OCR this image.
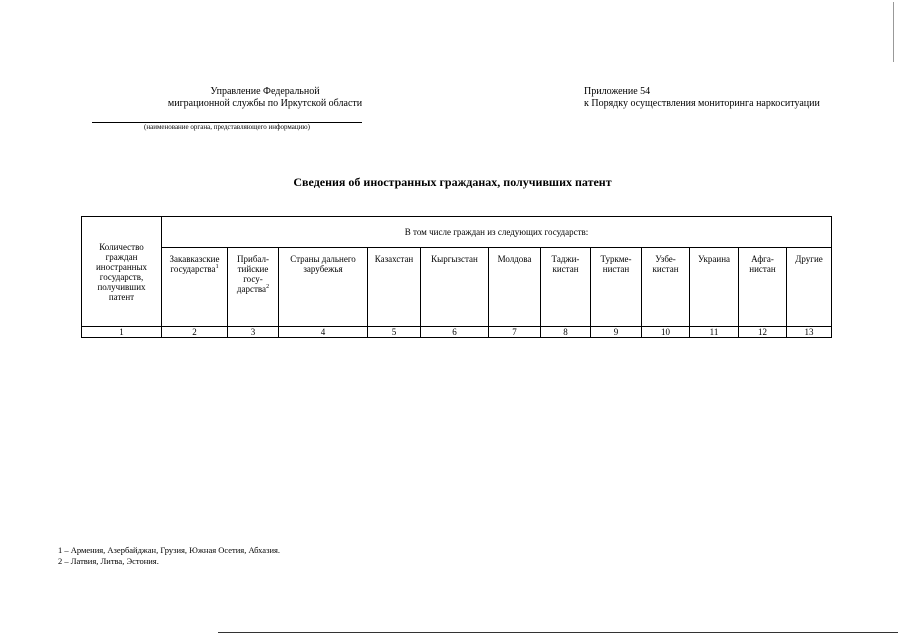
Управление Федеральной
миграционной службы по Иркутской области
(наименование органа, представляющего информацию)
Приложение 54
к Порядку осуществления мониторинга наркоситуации
Сведения об иностранных гражданах, получивших патент
Количество граждан иностранных государств, получивших патент	В том числе граждан из следующих государств:											
	Закавказские государства$^1$	Прибал-тийские госу-дарства$^2$	Страны дальнего зарубежья	Казахстан	Кыргызстан	Молдова	Таджи-кистан	Туркме-нистан	Узбе-кистан	Украина	Афга-нистан	Другие
1	2	3	4	5	6	7	8	9	10	11	12	13
1 – Армения, Азербайджан, Грузия, Южная Осетия, Абхазия.
2 – Латвия, Литва, Эстония.
